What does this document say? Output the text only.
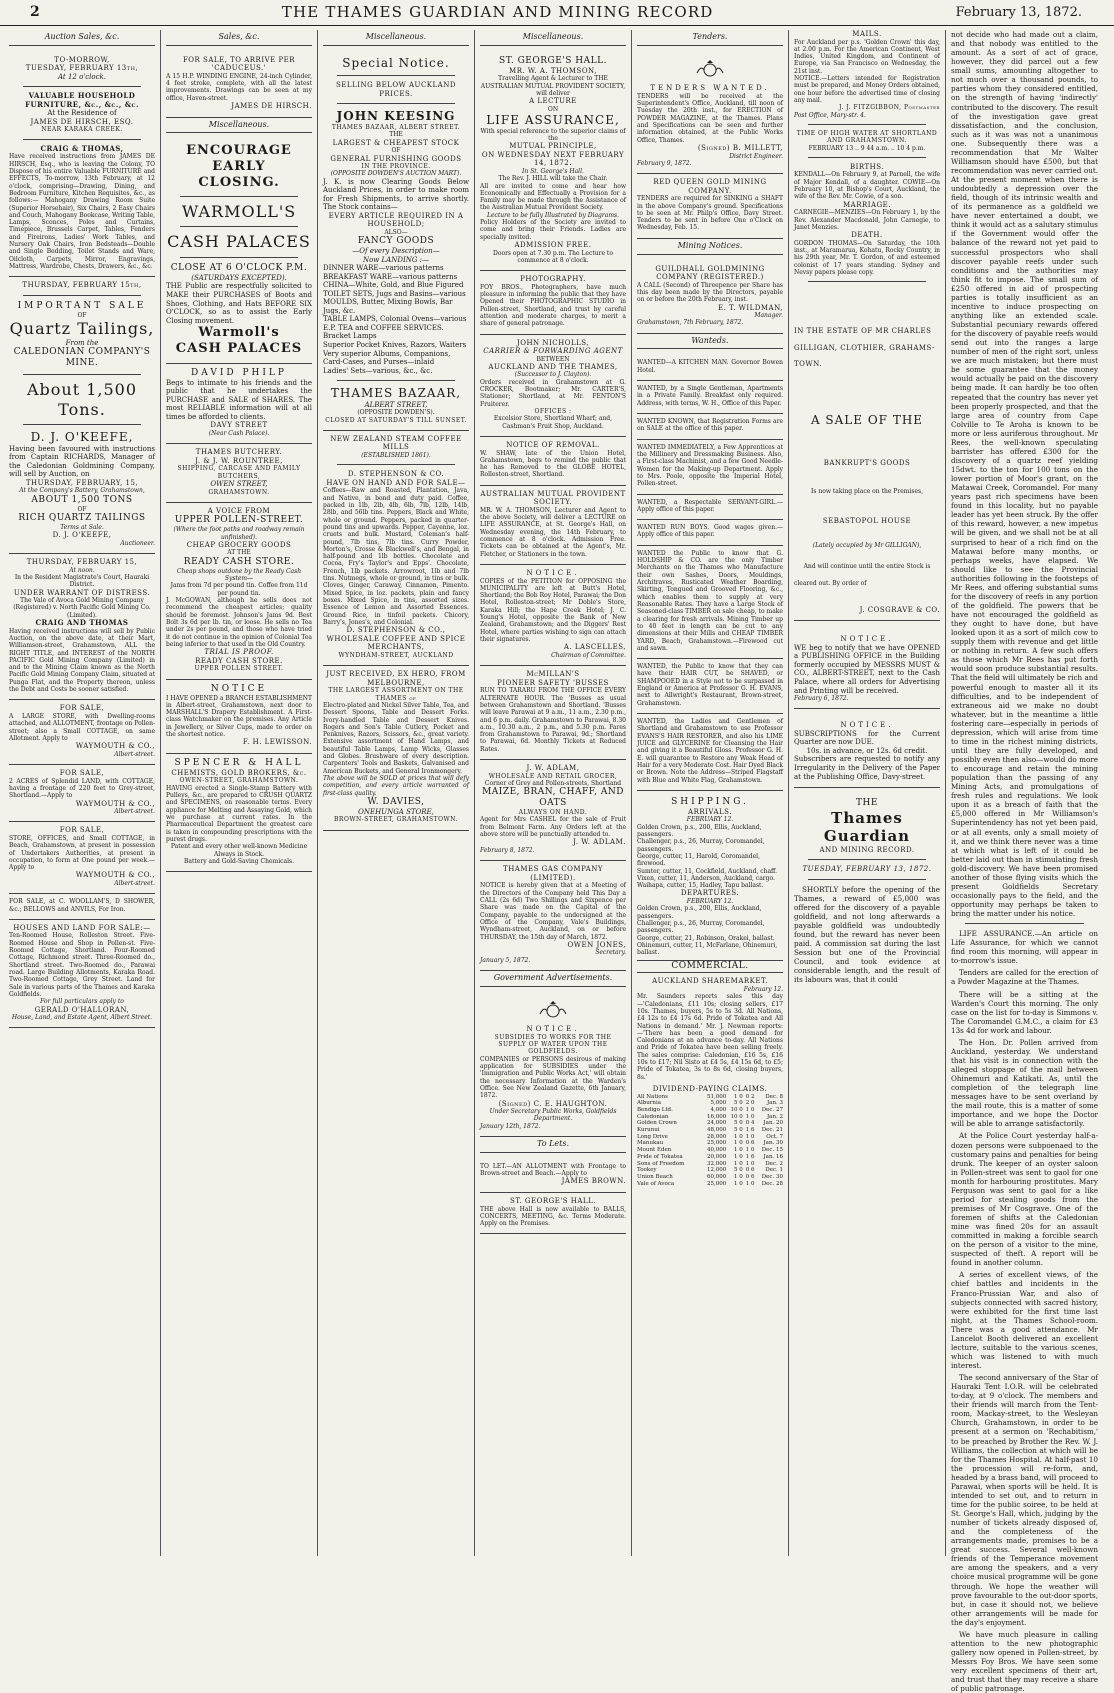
2	THE THAMES GUARDIAN AND MINING RECORD	February 13, 1872.
Auction Sales, &c.
TO-MORROW,
TUESDAY, FEBRUARY 13th,
At 12 o'clock.
VALUABLE HOUSEHOLD FURNITURE, &c., &c., &c.
At the Residence of
JAMES DE HIRSCH, ESQ.
NEAR KARAKA CREEK.
CRAIG & THOMAS,
Have received instructions from JAMES DE HIRSCH, Esq., who is leaving the Colony, TO Dispose of his entire Valuable FURNITURE and EFFECTS, To-morrow, 13th February, at 12 o'clock, comprising—Drawing, Dining, and Bedroom Furniture, Kitchen Requisites, &c., as follows:— Mahogany Drawing Room Suite (Superior Horsehair), Six Chairs, 2 Easy Chairs and Couch, Mahogany Bookcase, Writing Table, Lamps, Sconces, Poles and Curtains, Timepiece, Brussels Carpet, Tables, Fenders and Fireirons, Ladies' Work Tables, and Nursery Oak Chairs, Iron Bedsteads—Double and Single Bedding, Toilet Stands and Ware, Oilcloth, Carpets, Mirror, Engravings, Mattress, Wardrobe, Chests, Drawers, &c., &c.
THURSDAY, FEBRUARY 15th,
IMPORTANT SALE
OF
Quartz Tailings,
From the
CALEDONIAN COMPANY'S
MINE.
About 1,500 Tons.
D. J. O'KEEFE,
Having been favoured with instructions from Captain RICHARDS, Manager of the Caledonian Goldmining Company, will sell by Auction, on
THURSDAY, FEBRUARY, 15,
At the Company's Battery, Grahamstown,
ABOUT 1,500 TONS
OF
RICH QUARTZ TAILINGS
Terms at Sale.
D. J. O'KEEFE,
Auctioneer.
THURSDAY, FEBRUARY 15,
At noon.
In the Resident Magistrate's Court, Hauraki District.
UNDER WARRANT OF DISTRESS.
The Vale of Avoca Gold Mining Company (Registered) v. North Pacific Gold Mining Co. (Limited).
CRAIG AND THOMAS
Having received instructions will sell by Public Auction, on the above date, at their Mart, Williamson-street, Grahamstown, ALL the RIGHT TITLE, and INTEREST of the NORTH PACIFIC Gold Mining Company (Limited) in and to the Mining Claim known as the North Pacific Gold Mining Company Claim, situated at Punga Flat, and the Property thereon, unless the Debt and Costs be sooner satisfied.
FOR SALE,
A LARGE STORE, with Dwelling-rooms attached, and ALLOTMENT, frontage on Pollen-street; also a Small COTTAGE, on same Allotment. Apply to
WAYMOUTH & CO.,
Albert-street.
FOR SALE,
2 ACRES of Splendid LAND, with COTTAGE, having a frontage of 220 feet to Grey-street, Shortland.—Apply to
WAYMOUTH & CO.,
Albert-street.
FOR SALE,
STORE, OFFICES, and Small COTTAGE, in Beach, Grahamstown, at present in possession of Undertakers Authorities, at present in occupation, to form at One pound per week.—Apply to
WAYMOUTH & CO.,
Albert-street.
FOR SALE, at C. WOOLLAM'S, D SHOWER, &c.; BELLOWS and ANVILS, For Iron.
HOUSES AND LAND FOR SALE:—
Ten-Roomed House, Rolleston Street. Five-Roomed House and Shop in Pollen-st. Five-Roomed Cottage, Shortland. Four-Roomed Cottage, Richmond street. Three-Roomed do., Shortland street. Two-Roomed do., Parawai road. Large Building Allotments, Karaka Road. Two-Roomed Cottage, Grey Street. Land for Sale in various parts of the Thames and Karaka Goldfields.
For full particulars apply to
GERALD O'HALLORAN,
House, Land, and Estate Agent, Albert Street.
Sales, &c.
FOR SALE, TO ARRIVE PER 'CADUCEUS.'
A 15 H.P. WINDING ENGINE, 24-inch Cylinder, 4 feet stroke, complete, with all the latest improvements. Drawings can be seen at my office, Haven-street.
JAMES DE HIRSCH.
Miscellaneous.
ENCOURAGE EARLY
CLOSING.
WARMOLL'S
CASH PALACES
CLOSE AT 6 O'CLOCK P.M.
(SATURDAYS EXCEPTED).
THE Public are respectfully solicited to MAKE their PURCHASES of Boots and Shoes, Clothing, and Hats BEFORE SIX O'CLOCK, so as to assist the Early Closing movement.
Warmoll's
CASH PALACES
DAVID PHILP
Begs to intimate to his friends and the public that he undertakes the PURCHASE and SALE of SHARES. The most RELIABLE information will at all times be afforded to clients.
DAVY STREET
(Near Cash Palace).
THAMES BUTCHERY.
J. & J. W. ROUNTREE,
SHIPPING, CARCASE AND FAMILY BUTCHERS,
OWEN STREET,
GRAHAMSTOWN.
A VOICE FROM
UPPER POLLEN-STREET.
(Where the foot paths and roadway remain unfinished).
CHEAP GROCERY GOODS
AT THE
READY CASH STORE.
Cheap shops outdone by the Ready Cash System—
Jams from 7d per pound tin. Coffee from 11d per pound tin.
J. McGOWAN, although he sells does not recommend the cheapest articles; quality should be foremost. Johnson's Jams 9d. Best Bolt 3s 6d per lb. tin, or loose. He sells no Tea under 2s per pound, and those who have tried it do not continue in the opinion of Colonial Tea being inferior to that used in the Old Country.
TRIAL IS PROOF.
READY CASH STORE.
UPPER POLLEN STREET.
NOTICE
I HAVE OPENED a BRANCH ESTABLISHMENT in Albert-street, Grahamstown, next door to MARSHALL'S Drapery Establishment. A First-class Watchmaker on the premises. Any Article in Jewellery, or Silver Cups, made to order on the shortest notice.
F. H. LEWISSON.
SPENCER & HALL
CHEMISTS, GOLD BROKERS, &c.
OWEN-STREET, GRAHAMSTOWN.
HAVING erected a Single-Stamp Battery with Pulleys, &c., are prepared to CRUSH QUARTZ and SPECIMENS, on reasonable terms. Every appliance for Melting and Assaying Gold, which we purchase at current rates. In the Pharmaceutical Department the greatest care is taken in compounding prescriptions with the purest drugs.
Patent and every other well-known Medicine Always in Stock.
Battery and Gold-Saving Chemicals.
Miscellaneous.
Special Notice.
SELLING BELOW AUCKLAND PRICES.
JOHN KEESING
THAMES BAZAAR, ALBERT STREET.
THE
LARGEST & CHEAPEST STOCK
OF
GENERAL FURNISHING GOODS
IN THE PROVINCE.
(OPPOSITE DOWDEN'S AUCTION MART).
J. K. is now Clearing Goods Below Auckland Prices, in order to make room for Fresh Shipments, to arrive shortly. The Stock contains—
EVERY ARTICLE REQUIRED IN A HOUSEHOLD;
ALSO—
FANCY GOODS
—Of every Description—
Now LANDING :—
DINNER WARE—various patterns
BREAKFAST WARE—various patterns
CHINA—White, Gold, and Blue Figured
TOILET SETS, Jugs and Basins—various
MOULDS, Butter, Mixing Bowls, Bar Jugs, &c.
TABLE LAMPS, Colonial Ovens—various
E.P. TEA and COFFEE SERVICES.
Bracket Lamps
Superior Pocket Knives, Razors, Waiters
Very superior Albums, Companions, Card-Cases, and Purses—inlaid
Ladies' Sets—various, &c., &c.
THAMES BAZAAR,
ALBERT STREET,
(OPPOSITE DOWDEN'S).
CLOSED AT SATURDAY'S TILL SUNSET.
NEW ZEALAND STEAM COFFEE MILLS
(ESTABLISHED 1861).
D. STEPHENSON & CO.
HAVE ON HAND AND FOR SALE—
Coffees—Raw and Roasted, Plantation, Java, and Native, in bond and duty paid. Coffee, packed in 1lb, 2lb, 4lb, 6lb, 7lb, 12lb, 14lb, 28lb, and 56lb tins. Peppers, Black and White, whole or ground. Peppers, packed in quarter-pound tins and upwards. Pepper, Cayenne, loz. cruets and bulk. Mustard, Coleman's half-pound, 7lb tins, 7lb tins. Curry Powder, Morton's, Crosse & Blackwell's, and Bengal, in half-pound and 1lb bottles. Chocolate and Cocoa, Fry's Taylor's and Epps'. Chocolate, French, 1lb packets. Arrowroot, 1lb and 7lb tins. Nutmegs, whole or ground, in tins or bulk. Cloves, Ginger, Caraway, Cinnamon, Pimento. Mixed Spice, in loz. packets, plain and fancy boxes. Mixed Spice, in tins, assorted sizes. Essence of Lemon and Assorted Essences. Ground Rice, in tinfoil packets. Chicory, Barry's, Jones's, and Colonial.
D. STEPHENSON & CO.,
WHOLESALE COFFEE AND SPICE MERCHANTS,
WYNDHAM-STREET, AUCKLAND
JUST RECEIVED, EX HERO, FROM MELBOURNE,
THE LARGEST ASSORTMENT ON THE THAMES of
Electro-plated and Nickel Silver Table, Tea, and Dessert Spoons, Table and Dessert Forks. Ivory-handled Table and Dessert Knives. Rogers and Son's Table Cutlery, Pocket and Penknives, Razors, Scissors, &c., great variety. Extensive assortment of Hand Lamps, and beautiful Table Lamps, Lamp Wicks, Glasses and Globes. Brushware of every description. Carpenters' Tools and Baskets, Galvanised and American Buckets, and General Ironmongery.
The above will be SOLD at prices that will defy competition, and every article warranted of first-class quality.
W. DAVIES,
ONEHUNGA STORE,
BROWN-STREET, GRAHAMSTOWN.
Miscellaneous.
ST. GEORGE'S HALL.
MR. W. A. THOMSON,
Travelling Agent & Lecturer to THE AUSTRALIAN MUTUAL PROVIDENT SOCIETY, will deliver
A LECTURE
ON
LIFE ASSURANCE,
With special reference to the superior claims of the
MUTUAL PRINCIPLE,
ON WEDNESDAY NEXT FEBRUARY 14, 1872.
In St. George's Hall.
The Rev. J. HILL will take the Chair.
All are invited to come and hear how Economically and Effectually a Provision for a Family may be made through the Assistance of the Australian Mutual Provident Society.
Lecture to be fully Illustrated by Diagrams.
Policy Holders of the Society are invited to come and bring their Friends. Ladies are specially invited.
ADMISSION FREE.
Doors open at 7.30 p.m. The Lecture to commence at 8 o'clock.
PHOTOGRAPHY.
FOY BROS., Photographers, have much pleasure in informing the public that they have Opened their PHOTOGRAPHIC STUDIO in Pollen-street, Shortland, and trust by careful attention and moderate charges, to merit a share of general patronage.
JOHN NICHOLLS,
CARRIER & FORWARDING AGENT
BETWEEN
AUCKLAND AND THE THAMES,
(Successor to J. Clayton).
Orders received in Grahamstown at G. CROCKER, Bootmaker; Mr. CARTER'S, Stationer; Shortland, at Mr. FENTON'S Fruiterer.
OFFICES :
Excelsior Store, Shortland Wharf; and, Cashman's Fruit Shop, Auckland.
NOTICE OF REMOVAL.
W. SHAW, late of the Union Hotel, Grahamstown, begs to remind the public that he has Removed to the GLOBE HOTEL, Rolleston-street, Shortland.
AUSTRALIAN MUTUAL PROVIDENT SOCIETY.
MR. W. A. THOMSON, Lecturer and Agent to the above Society, will deliver a LECTURE on LIFE ASSURANCE, at St. George's Hall, on Wednesday evening, the 14th February, to commence at 8 o'clock. Admission Free. Tickets can be obtained at the Agent's, Mr. Fletcher, or Stationers in the town.
NOTICE.
COPIES of the PETITION for OPPOSING the MUNICIPALITY are left at Butt's Hotel, Shortland; the Bob Roy Hotel, Parawai; the Don Hotel, Rolleston-street; Mr Doble's Store, Karaka Hill; the Hape Creek Hotel; J. C. Young's Hotel, opposite the Bank of New Zealand, Grahamstown; and the Diggers' Rest Hotel, where parties wishing to sign can attach their signatures.
A. LASCELLES,
Chairman of Committee.
McMILLAN'S
PIONEER SAFETY 'BUSSES
RUN TO TARARU FROM THE OFFICE EVERY ALTERNATE HOUR. The 'Busses as usual between Grahamstown and Shortland. 'Busses will leave Parawai at 9 a.m., 11 a.m., 2.30 p.m., and 6 p.m. daily. Grahamstown to Parawai, 8.30 a.m., 10.30 a.m., 2 p.m., and 5.30 p.m. Fares from Grahamstown to Parawai, 9d.; Shortland to Parawai, 6d. Monthly Tickets at Reduced Rates.
J. W. ADLAM,
WHOLESALE AND RETAIL GROCER,
Corner of Grey and Pollen-streets, Shortland
MAIZE, BRAN, CHAFF, AND OATS
ALWAYS ON HAND.
Agent for Mrs CASHEL for the sale of Fruit from Belmont Farm. Any Orders left at the above store will be punctually attended to.
J. W. ADLAM.
February 8, 1872.
THAMES GAS COMPANY (LIMITED).
NOTICE is hereby given that at a Meeting of the Directors of the Company held This Day a CALL (2s 6d) Two Shillings and Sixpence per Share was made on the Capital of the Company, payable to the undersigned at the Office of the Company, Vale's Buildings, Wyndham-street, Auckland, on or before THURSDAY, the 15th day of March, 1872.
OWEN JONES,
Secretary.
January 5, 1872.
Government Advertisements.
NOTICE.
SUBSIDIES TO WORKS FOR THE SUPPLY OF WATER UPON THE GOLDFIELDS.
COMPANIES or PERSONS desirous of making application for SUBSIDIES under the 'Immigration and Public Works Act,' will obtain the necessary Information at the Warden's Office. See New Zealand Gazette, 6th January, 1872.
(Signed) C. E. HAUGHTON.
Under Secretary Public Works, Goldfields Department.
January 12th, 1872.
To Lets.
TO LET.—AN ALLOTMENT with Frontage to Brown-street and Beach.—Apply to
JAMES BROWN.
ST. GEORGE'S HALL.
THE above Hall is now available to BALLS, CONCERTS, MEETING, &c. Terms Moderate. Apply on the Premises.
Tenders.
TENDERS WANTED.
TENDERS will be received at the Superintendent's Office, Auckland, till noon of Tuesday the 20th inst., for ERECTION of POWDER MAGAZINE, at the Thames. Plans and Specifications can be seen and further information obtained, at the Public Works Office, Thames.
(Signed) B. MILLETT,
District Engineer.
February 9, 1872.
RED QUEEN GOLD MINING COMPANY.
TENDERS are required for SINKING a SHAFT in the above Company's ground. Specifications to be seen at Mr. Philp's Office, Davy Street. Tenders to be sent in before One o'Clock on Wednesday, Feb. 15.
Mining Notices.
GUILDHALL GOLDMINING COMPANY (REGISTERED.)
A CALL (Second) of Threepence per Share has this day been made by the Directors, payable on or before the 20th February, inst.
E. T. WILDMAN,
Manager.
Grahamstown, 7th February, 1872.
Wanteds.
WANTED—A KITCHEN MAN. Governor Bowen Hotel.
WANTED, by a Single Gentleman, Apartments in a Private Family. Breakfast only required. Address, with terms, W. H., Office of this Paper.
WANTED KNOWN, that Registration Forms are on SALE at the office of this paper.
WANTED IMMEDIATELY, a Few Apprentices at the Millinery and Dressmaking Business. Also, a First-class Machinist, and a few Good Needle-Women for the Making-up Department. Apply to Mrs. Poole, opposite the Imperial Hotel, Pollen-street.
WANTED, a Respectable SERVANT-GIRL.—Apply office of this paper.
WANTED RUN BOYS. Good wages given.—Apply office of this paper.
WANTED the Public to know that G. HOLDSHIP & CO. are the only Timber Merchants on the Thames who Manufacture their own Sashes, Doors, Mouldings, Architraves, Rusticated Weather Boarding, Skirting, Tongued and Grooved Flooring, &c., which enables them to supply at very Reasonable Rates. They have a Large Stock of Seasoned-class TIMBER on sale cheap, to make a clearing for fresh arrivals. Mining Timber up to 40 feet in length can be cut to any dimensions at their Mills and CHEAP TIMBER YARD, Beach, Grahamstown.—Firewood cut and sawn.
WANTED, the Public to know that they can have their HAIR CUT, be SHAVED, or SHAMPOOED in a Style not to be surpassed in England or America at Professor G. H. EVANS, next to Allwright's Restaurant, Brown-street, Grahamstown.
WANTED, the Ladies and Gentlemen of Shortland and Grahamstown to use Professor EVANS'S HAIR RESTORER, and also his LIME JUICE and GLYCERINE for Cleansing the Hair and giving it a Beautiful Gloss. Professor G. H. E. will guarantee to Restore any Weak Head of Hair for a very Moderate Cost. Hair Dyed Black or Brown. Note the Address—Striped Flagstaff with Blue and White Flag, Grahamstown.
SHIPPING.
ARRIVALS.
FEBRUARY 12.
Golden Crown, p.s., 200, Ellis, Auckland, passengers.
Challenger, p.s., 26, Murray, Coromandel, passengers.
George, cutter, 11, Harold, Coromandel, firewood.
Sumter, cutter, 11, Cockfield, Auckland, chaff.
Vixen, cutter, 11, Anderson, Auckland, cargo.
Waihapa, cutter, 15, Hadley, Tapu ballast.
DEPARTURES.
FEBRUARY 12.
Golden Crown, p.s., 200, Ellis, Auckland, passengers.
Challenger, p.s., 26, Murray, Coromandel, passengers.
George, cutter, 21, Robinson, Orakei, ballast.
Ohinemuri, cutter, 11, McFarlane, Ohinemuri, ballast.
COMMERCIAL.
AUCKLAND SHAREMARKET.
February 12.
Mr. Saunders reports sales this day—'Caledonians, £11 10s; closing sellers, £17 10s. Thames, buyers, 5s to 5s 3d. All Nations, £4 12s to £4 17s 6d. Pride of Tokatea and All Nations in demand.' Mr. J. Newman reports:—'There has been a good demand for Caledonians at an advance to-day. All Nations and Pride of Tokatea have been selling freely. The sales comprise: Caledonian, £16 5s, £16 10s to £17; Nil Sisto at £4 5s, £4 15s 6d, to £5; Pride of Tokatea, 3s to 8s 6d, closing buyers, 8s.'
DIVIDEND-PAYING CLAIMS.
All Nations	51,000	1 0	0 2	Dec. 8
Alburnia	5,000	5 0	2 0	Jan. 3
Bendigo Ltd.	4,000	10 0	1 0	Dec. 27
Caledonian	16,000	10 0	1 0	Jan. 2
Golden Crown	24,000	5 0	0 4	Jan. 20
Kurunui	48,000	5 0	1 6	Dec. 21
Long Drive	28,000	1 0	1 0	Oct. 7
Manukau	25,000	1 0	0 6	Jan. 30
Mount Eden	40,000	1 0	1 0	Dec. 15
Pride of Tokatea	20,000	1 0	1 6	Jan. 16
Sons of Freedom	32,000	1 0	1 0	Dec. 2
Tookey	12,000	5 0	0 6	Dec. 1
Union Beach	60,000	1 0	0 6	Dec. 30
Vale of Avoca	25,000	1 0	1 0	Dec. 28
MAILS.
For Auckland per p.s. 'Golden Crown' this day, at 2.00 p.m. For the American Continent, West Indies, United Kingdom, and Continent of Europe, via San Francisco on Wednesday, the 21st inst.
NOTICE.—Letters intended for Registration must be prepared, and Money Orders obtained, one hour before the advertised time of closing any mail.
J. J. FITZGIBBON, Postmaster
Post Office, Mary-str. 4.
TIME OF HIGH WATER AT SHORTLAND AND GRAHAMSTOWN.
FEBRUARY 13 .. 9 44 a.m. .. 10 4 p.m.
BIRTHS.
KENDALL—On February 9, at Parnell, the wife of Major Kendall, of a daughter. COWIE—On February 10, at Bishop's Court, Auckland, the wife of the Rev. Mr. Cowie, of a son.
MARRIAGE.
CARNEGIE—MENZIES—On February 1, by the Rev. Alexander Macdonald, John Carnegie, to Janet Menzies.
DEATH.
GORDON THOMAS—On Saturday, the 10th inst., at Maramarua, Kohatu, Rocky Country, in his 29th year, Mr. T. Gordon, of and esteemed colonist of 17 years standing. Sydney and Nevsy papers please copy.
IN THE ESTATE OF MR CHARLES
GILLIGAN, CLOTHIER, GRAHAMS-
TOWN.
A SALE OF THE
BANKRUPT'S GOODS
Is now taking place on the Premises,
SEBASTOPOL HOUSE
(Lately occupied by Mr GILLIGAN),
And will continue until the entire Stock is
cleared out. By order of
J. COSGRAVE & CO.
NOTICE.
WE beg to notify that we have OPENED a PUBLISHING OFFICE in the Building formerly occupied by MESSRS MUST & CO., ALBERT-STREET, next to the Cash Palace, where all orders for Advertising and Printing will be received.
February 6, 1872.
NOTICE.
SUBSCRIPTIONS for the Current Quarter are now DUE.
10s. in advance, or 12s. 6d credit.
Subscribers are requested to notify any Irregularity in the Delivery of the Paper at the Publishing Office, Davy-street.
THE
Thames Guardian
AND MINING RECORD.
TUESDAY, FEBRUARY 13, 1872.

SHORTLY before the opening of the Thames, a reward of £5,000 was offered for the discovery of a payable goldfield, and not long afterwards a payable goldfield was undoubtedly found, but the reward has never been paid. A commission sat during the last Session but one of the Provincial Council, and took evidence at considerable length, and the result of its labours was, that it could

not decide who had made out a claim, and that nobody was entitled to the amount. As a sort of act of grace, however, they did parcel out a few small sums, amounting altogether to not much over a thousand pounds, to parties whom they considered entitled, on the strength of having 'indirectly' contributed to the discovery. The result of the investigation gave great dissatisfaction, and the conclusion, such as it was was not a unanimous one. Subsequently there was a recommendation that Mr Walter Williamson should have £500, but that recommendation was never carried out. At the present moment when there is undoubtedly a depression over the field, though of its intrinsic wealth and of its permanence as a goldfield we have never entertained a doubt, we think it would act as a salutary stimulus if the Government would offer the balance of the reward not yet paid to successful prospectors who shall discover payable reefs under such conditions and the authorities may think fit to impose. The small sum of £250 offered in aid of prospecting parties is totally insufficient as an incentive to induce prospecting on anything like an extended scale. Substantial pecuniary rewards offered for the discovery of payable reefs would send out into the ranges a large number of men of the right sort, unless we are much mistaken; but there must be some guarantee that the money would actually be paid on the discovery being made. It can hardly be too often repeated that the country has never yet been properly prospected, and that the large area of country from Cape Colville to Te Aroha is known to be more or less auriferous throughout. Mr Rees, the well-known speculating barrister has offered £300 for the discovery of a quartz reef yielding 15dwt. to the ton for 100 tons on the lower portion of Moor's grant, on the Matawai Creek, Coromandel. For many years past rich specimens have been found in this locality, but no payable leader has yet been struck. By the offer of this reward, however, a new impetus will be given, and we shall not be at all surprised to hear of a rich find on the Matawai before many months, or perhaps weeks, have elapsed. We should like to see the Provincial authorities following in the footsteps of Mr Rees, and offering substantial sums for the discovery of reefs in any portion of the goldfield. The powers that be have not encouraged the goldfield as they ought to have done, but have looked upon it as a sort of milch cow to supply them with revenue and get little or nothing in return. A few such offers as those which Mr Rees has put forth would soon produce substantial results. That the field will ultimately be rich and powerful enough to master all it its difficulties, and to be independent of extraneous aid we make no doubt whatever, but in the meantime a little fostering care—especially in periods of depression, which will arise from time to time in the richest mining districts, until they are fully developed, and possibly even then also—would do more to encourage and retain the mining population than the passing of any Mining Acts, and promulgations of fresh rules and regulations. We look upon it as a breach of faith that the £5,000 offered in Mr Williamson's Superintendency has not yet been paid, or at all events, only a small moiety of it, and we think there never was a time at which what is left of it could be better laid out than in stimulating fresh gold-discovery. We have been promised another of those flying visits which the present Goldfields Secretary occasionally pays to the field, and the opportunity may perhaps be taken to bring the matter under his notice.

LIFE ASSURANCE.—An article on Life Assurance, for which we cannot find room this morning, will appear in to-morrow's issue.

Tenders are called for the erection of a Powder Magazine at the Thames.

There will be a sitting at the Warden's Court this morning. The only case on the list for to-day is Simmons v. The Coromandel G.M.C., a claim for £3 13s 4d for work and labour.

The Hon. Dr. Pollen arrived from Auckland, yesterday. We understand that his visit is in connection with the alleged stoppage of the mail between Ohinemuri and Katikati. As, until the completion of the telegraph line messages have to be sent overland by the mail route, this is a matter of some importance, and we hope the Doctor will be able to arrange satisfactorily.

At the Police Court yesterday half-a-dozen persons were subpoenaed to the customary pains and penalties for being drunk. The keeper of an oyster saloon in Pollen-street was sent to gaol for one month for harbouring prostitutes. Mary Ferguson was sent to gaol for a like period for stealing goods from the premises of Mr Cosgrave. One of the foremen of shifts at the Caledonian mine was fined 20s for an assault committed in making a forcible search on the person of a visitor to the mine, suspected of theft. A report will be found in another column.

A series of excellent views, of the chief battles and incidents in the Franco-Prussian War, and also of subjects connected with sacred history, were exhibited for the first time last night, at the Thames School-room. There was a good attendance. Mr Lancelot Booth delivered an excellent lecture, suitable to the various scenes, which was listened to with much interest.

The second anniversary of the Star of Hauraki Tent I.O.R. will be celebrated to-day, at 9 o'clock. The members and their friends will march from the Tent-room, Mackay-street, to the Wesleyan Church, Grahamstown, in order to be present at a sermon on 'Rechabitism,' to be preached by Brother the Rev. W. J. Williams, the collection at which will be for the Thames Hospital. At half-past 10 the procession will re-form, and, headed by a brass band, will proceed to Parawai, when sports will be held. It is intended to set out, and to return in time for the public soiree, to be held at St. George's Hall, which, judging by the number of tickets already disposed of, and the completeness of the arrangements made, promises to be a great success. Several well-known friends of the Temperance movement are among the speakers, and a very choice musical programme will be gone through. We hope the weather will prove favourable to the out-door sports, but, in case it should not, we believe other arrangements will be made for the day's enjoyment.

We have much pleasure in calling attention to the new photographic gallery now opened in Pollen-street, by Messrs Foy Bros. We have seen some very excellent specimens of their art, and trust that they may receive a share of public patronage.
